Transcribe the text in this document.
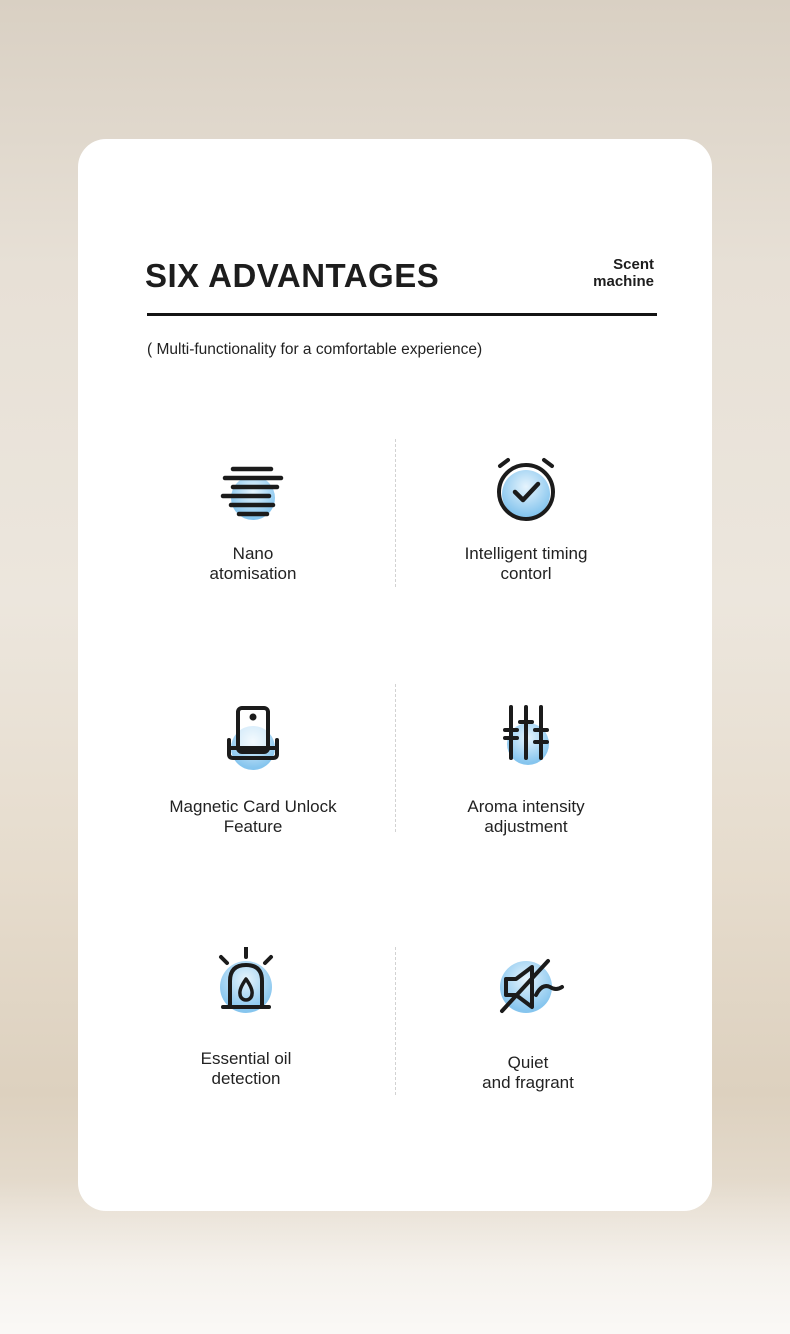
SIX ADVANTAGES	Scent
machine
( Multi-functionality for a comfortable experience)
Nano
atomisation
Intelligent timing
contorl
Magnetic Card Unlock
Feature
Aroma intensity
adjustment
Essential oil
detection
Quiet
and fragrant
